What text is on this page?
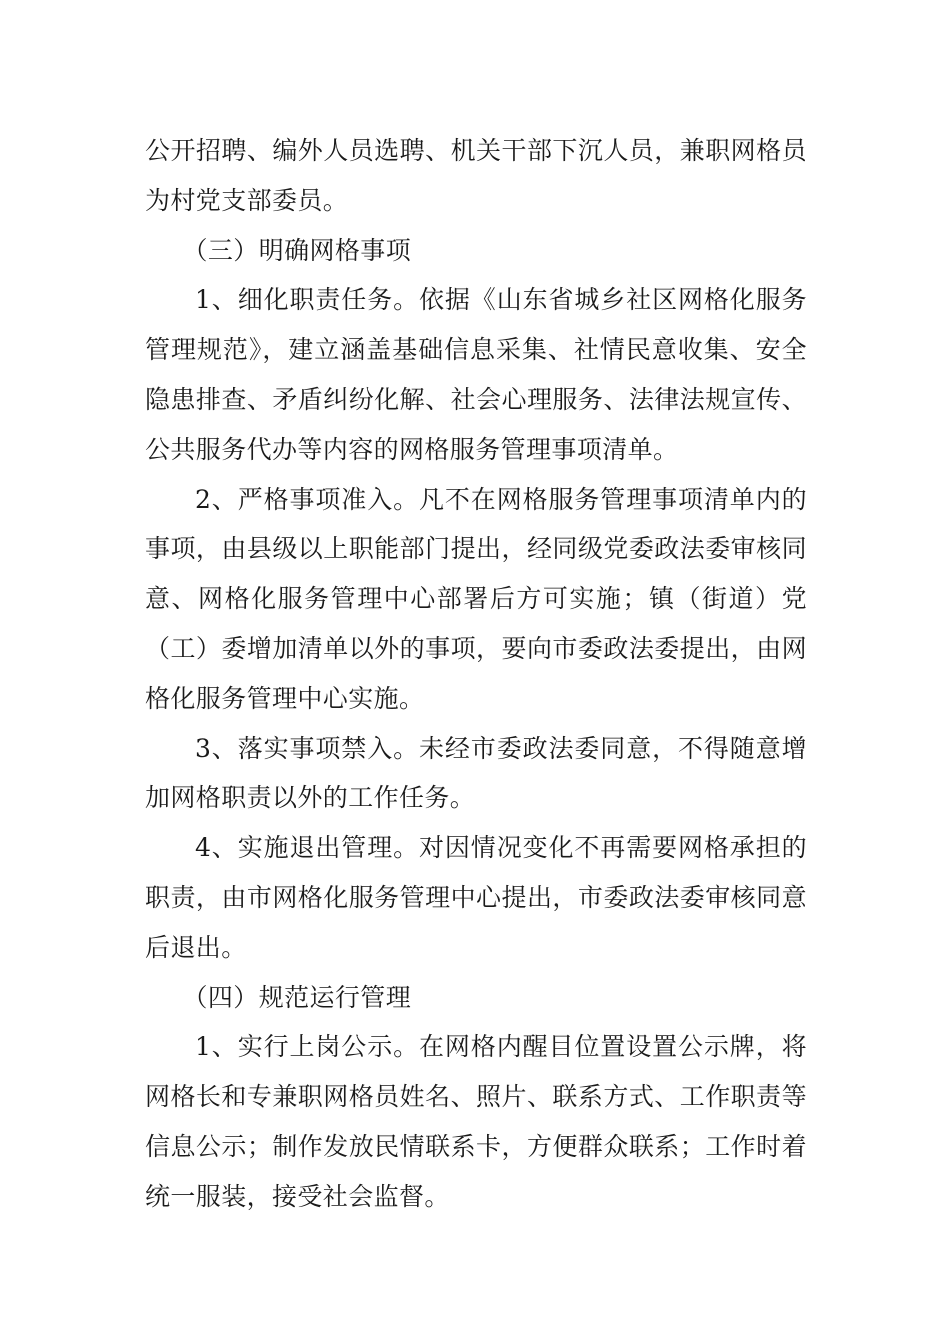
公开招聘、编外人员选聘、机关干部下沉人员，兼职网格员为村党支部委员。

（三）明确网格事项

1、细化职责任务。依据《山东省城乡社区网格化服务管理规范》，建立涵盖基础信息采集、社情民意收集、安全隐患排查、矛盾纠纷化解、社会心理服务、法律法规宣传、公共服务代办等内容的网格服务管理事项清单。

2、严格事项准入。凡不在网格服务管理事项清单内的事项，由县级以上职能部门提出，经同级党委政法委审核同意、网格化服务管理中心部署后方可实施；镇（街道）党（工）委增加清单以外的事项，要向市委政法委提出，由网格化服务管理中心实施。

3、落实事项禁入。未经市委政法委同意，不得随意增加网格职责以外的工作任务。

4、实施退出管理。对因情况变化不再需要网格承担的职责，由市网格化服务管理中心提出，市委政法委审核同意后退出。

（四）规范运行管理

1、实行上岗公示。在网格内醒目位置设置公示牌，将网格长和专兼职网格员姓名、照片、联系方式、工作职责等信息公示；制作发放民情联系卡，方便群众联系；工作时着统一服装，接受社会监督。
